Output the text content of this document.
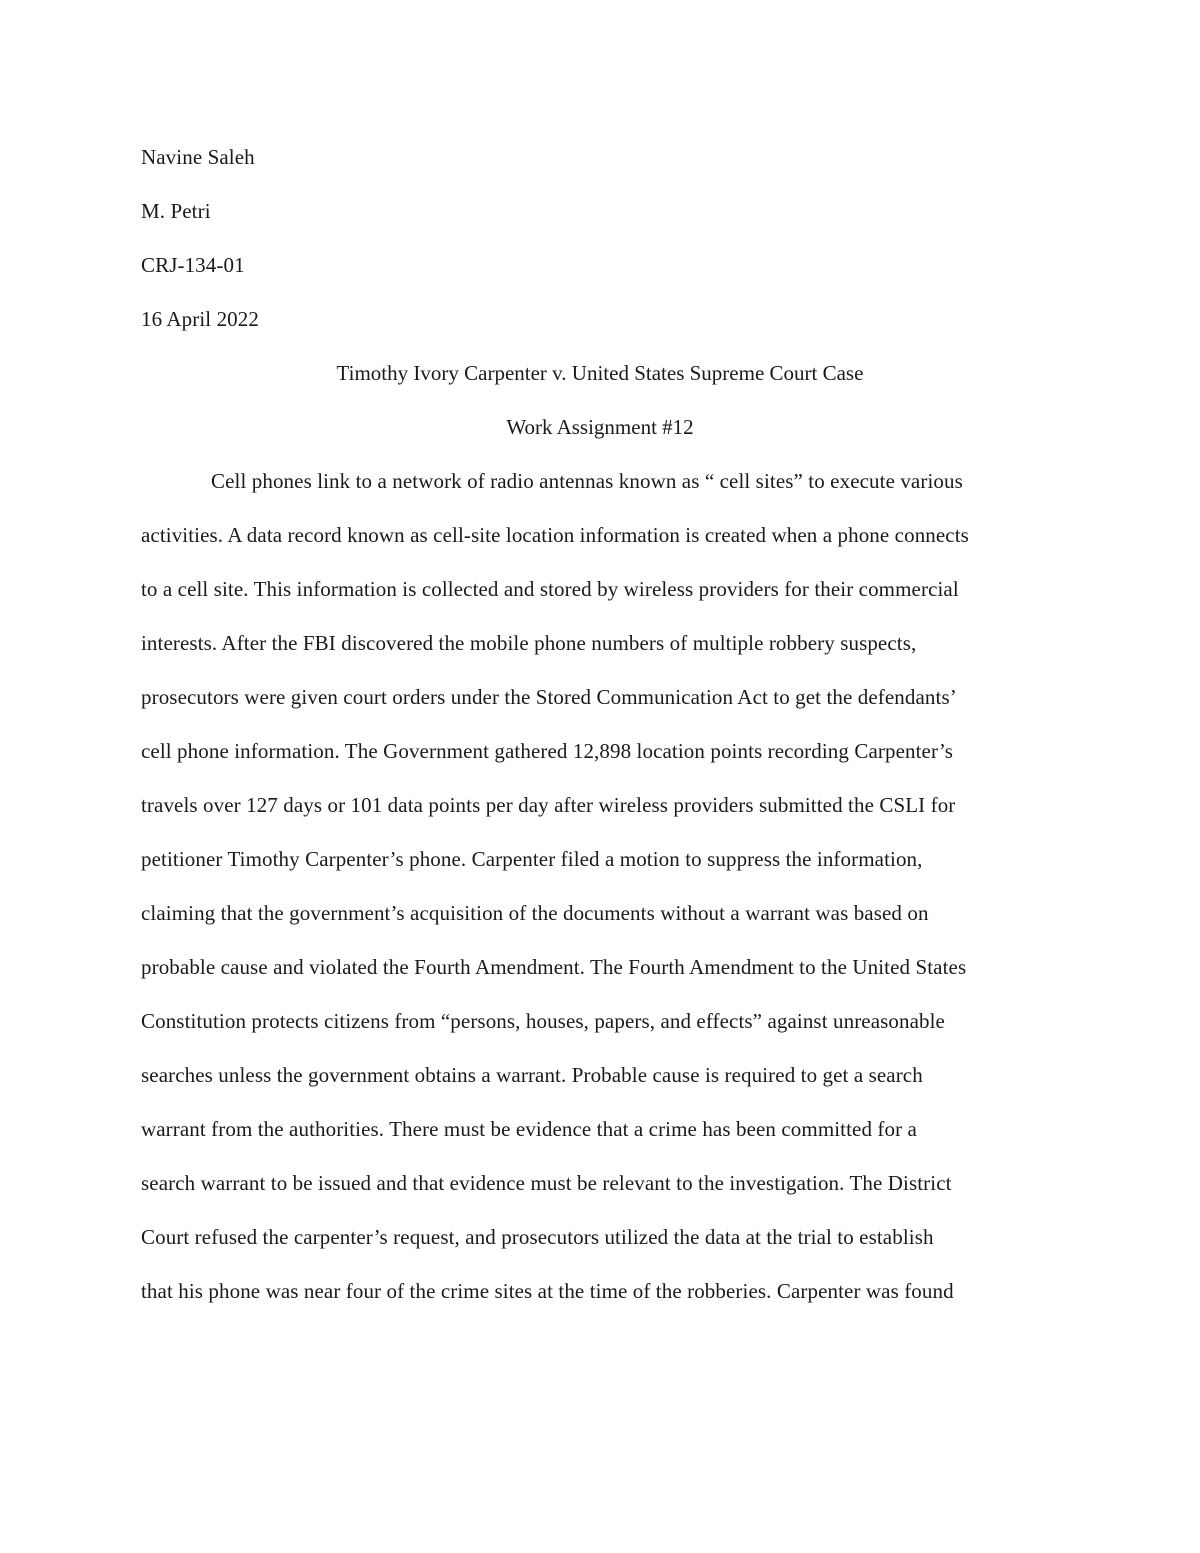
Navine Saleh
M. Petri
CRJ-134-01
16 April 2022
Timothy Ivory Carpenter v. United States Supreme Court Case
Work Assignment #12
Cell phones link to a network of radio antennas known as “ cell sites” to execute various
activities. A data record known as cell-site location information is created when a phone connects
to a cell site. This information is collected and stored by wireless providers for their commercial
interests. After the FBI discovered the mobile phone numbers of multiple robbery suspects,
prosecutors were given court orders under the Stored Communication Act to get the defendants’
cell phone information. The Government gathered 12,898 location points recording Carpenter’s
travels over 127 days or 101 data points per day after wireless providers submitted the CSLI for
petitioner Timothy Carpenter’s phone. Carpenter filed a motion to suppress the information,
claiming that the government’s acquisition of the documents without a warrant was based on
probable cause and violated the Fourth Amendment. The Fourth Amendment to the United States
Constitution protects citizens from “persons, houses, papers, and effects” against unreasonable
searches unless the government obtains a warrant. Probable cause is required to get a search
warrant from the authorities. There must be evidence that a crime has been committed for a
search warrant to be issued and that evidence must be relevant to the investigation. The District
Court refused the carpenter’s request, and prosecutors utilized the data at the trial to establish
that his phone was near four of the crime sites at the time of the robberies. Carpenter was found
